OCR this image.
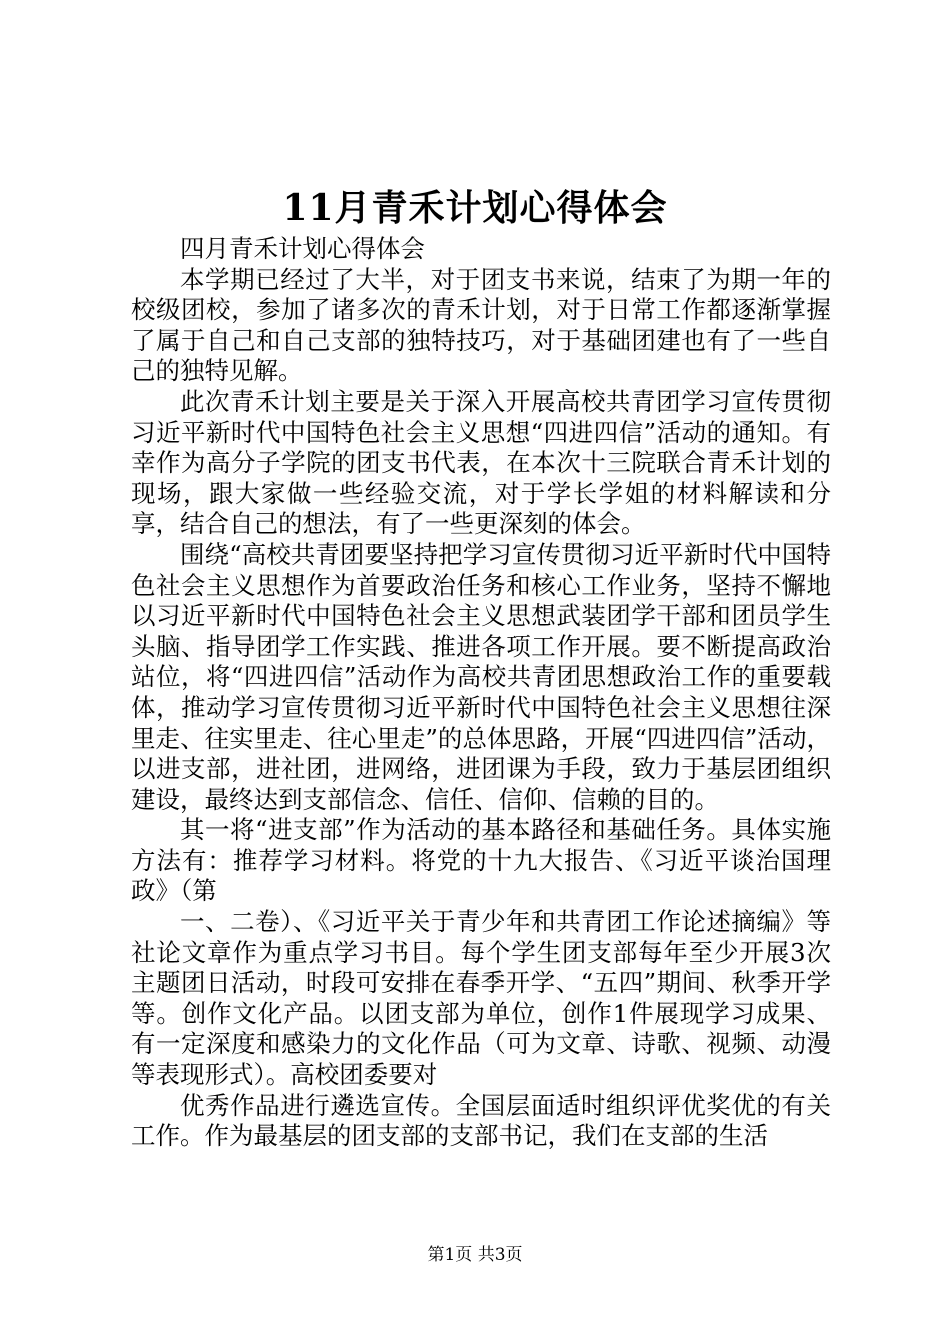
11月青禾计划心得体会

四月青禾计划心得体会

本学期已经过了大半，对于团支书来说，结束了为期一年的校级团校，参加了诸多次的青禾计划，对于日常工作都逐渐掌握了属于自己和自己支部的独特技巧，对于基础团建也有了一些自己的独特见解。

此次青禾计划主要是关于深入开展高校共青团学习宣传贯彻习近平新时代中国特色社会主义思想“四进四信”活动的通知。有幸作为高分子学院的团支书代表，在本次十三院联合青禾计划的现场，跟大家做一些经验交流，对于学长学姐的材料解读和分享，结合自己的想法，有了一些更深刻的体会。

围绕“高校共青团要坚持把学习宣传贯彻习近平新时代中国特色社会主义思想作为首要政治任务和核心工作业务，坚持不懈地以习近平新时代中国特色社会主义思想武装团学干部和团员学生头脑、指导团学工作实践、推进各项工作开展。要不断提高政治站位，将“四进四信”活动作为高校共青团思想政治工作的重要载体，推动学习宣传贯彻习近平新时代中国特色社会主义思想往深里走、往实里走、往心里走”的总体思路，开展“四进四信”活动，以进支部，进社团，进网络，进团课为手段，致力于基层团组织建设，最终达到支部信念、信任、信仰、信赖的目的。

其一将“进支部”作为活动的基本路径和基础任务。具体实施方法有：推荐学习材料。将党的十九大报告、《习近平谈治国理政》（第

一、二卷）、《习近平关于青少年和共青团工作论述摘编》等社论文章作为重点学习书目。每个学生团支部每年至少开展3次主题团日活动，时段可安排在春季开学、“五四”期间、秋季开学等。创作文化产品。以团支部为单位，创作1件展现学习成果、有一定深度和感染力的文化作品（可为文章、诗歌、视频、动漫等表现形式）。高校团委要对

优秀作品进行遴选宣传。全国层面适时组织评优奖优的有关工作。作为最基层的团支部的支部书记，我们在支部的生活

第1页 共3页
